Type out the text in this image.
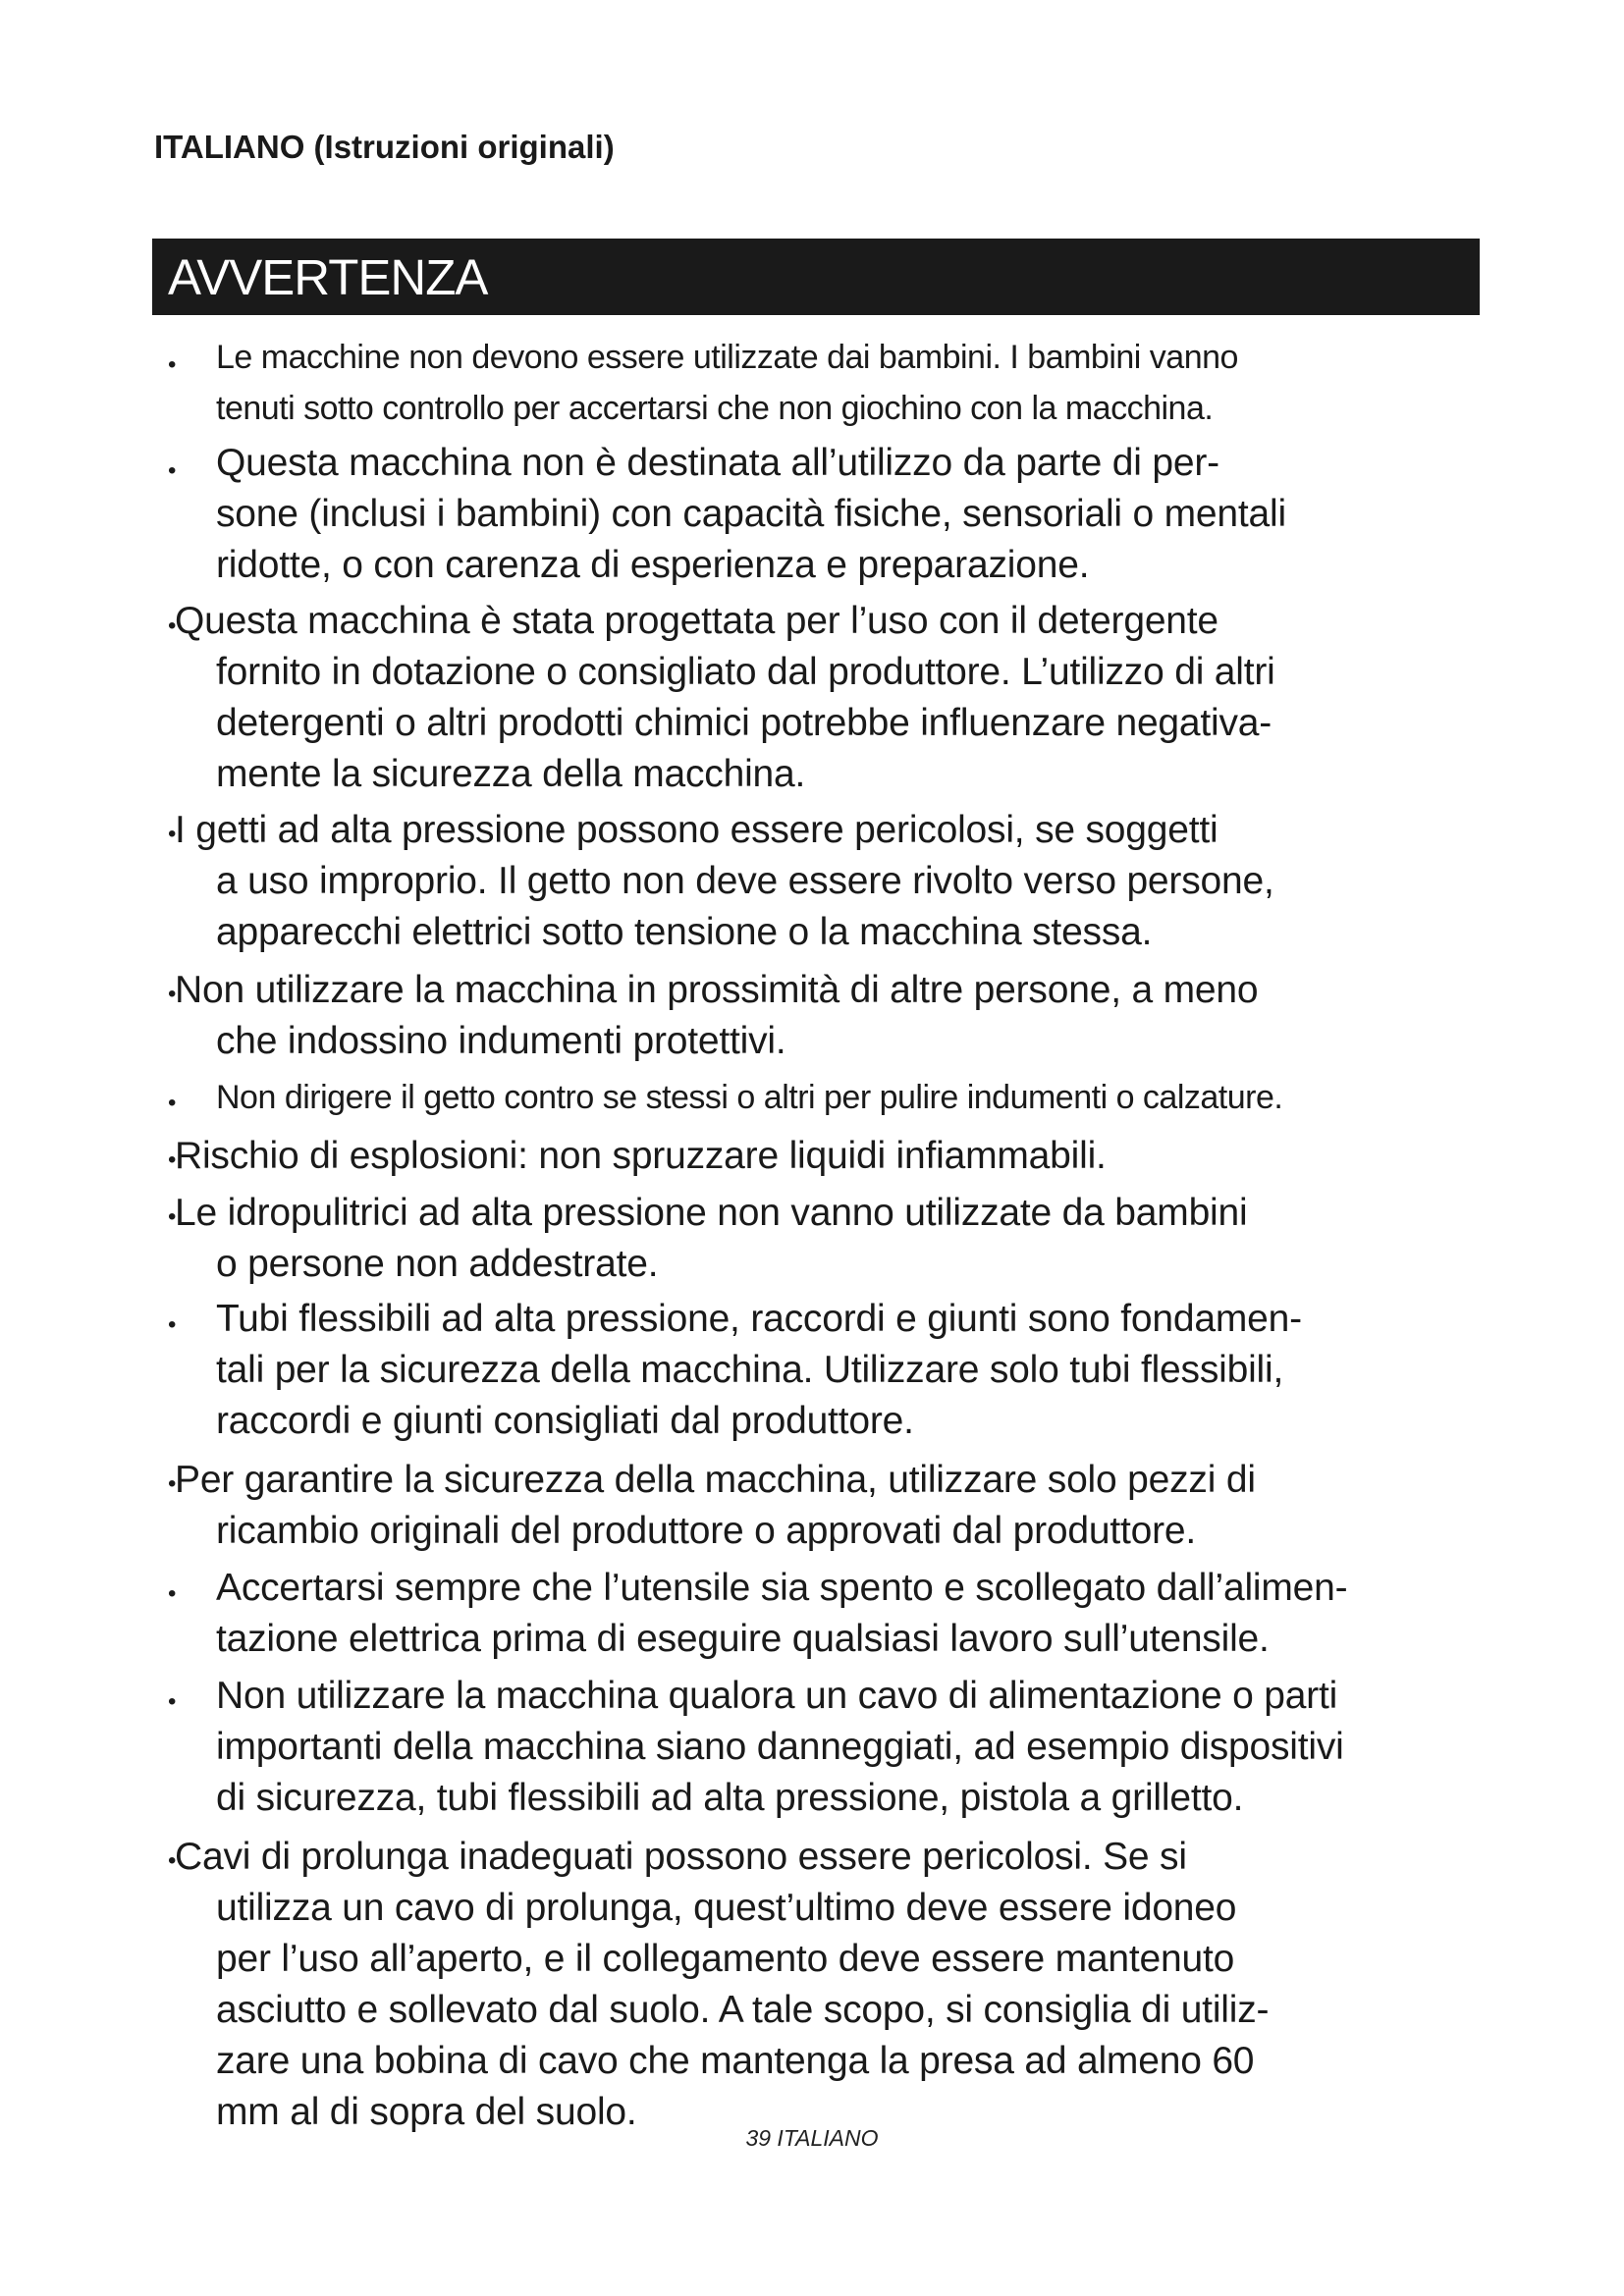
ITALIANO (Istruzioni originali)
AVVERTENZA
• Le macchine non devono essere utilizzate dai bambini. I bambini vanno
tenuti sotto controllo per accertarsi che non giochino con la macchina.

• Questa macchina non è destinata all’utilizzo da parte di per-
sone (inclusi i bambini) con capacità fisiche, sensoriali o mentali
ridotte, o con carenza di esperienza e preparazione.

•

Questa macchina è stata progettata per l’uso con il detergente

fornito in dotazione o consigliato dal produttore. L’utilizzo di altri
detergenti o altri prodotti chimici potrebbe influenzare negativa-
mente la sicurezza della macchina.

•

I getti ad alta pressione possono essere pericolosi, se soggetti

a uso improprio. Il getto non deve essere rivolto verso persone,
apparecchi elettrici sotto tensione o la macchina stessa.

•

Non utilizzare la macchina in prossimità di altre persone, a meno

che indossino indumenti protettivi.

• Non dirigere il getto contro se stessi o altri per pulire indumenti o calzature.

•

Rischio di esplosioni: non spruzzare liquidi infiammabili.

•

Le idropulitrici ad alta pressione non vanno utilizzate da bambini

o persone non addestrate.

• Tubi flessibili ad alta pressione, raccordi e giunti sono fondamen-
tali per la sicurezza della macchina. Utilizzare solo tubi flessibili,
raccordi e giunti consigliati dal produttore.

•

Per garantire la sicurezza della macchina, utilizzare solo pezzi di

ricambio originali del produttore o approvati dal produttore.

• Accertarsi sempre che l’utensile sia spento e scollegato dall’alimen-
tazione elettrica prima di eseguire qualsiasi lavoro sull’utensile.

• Non utilizzare la macchina qualora un cavo di alimentazione o parti
importanti della macchina siano danneggiati, ad esempio dispositivi
di sicurezza, tubi flessibili ad alta pressione, pistola a grilletto.

•

Cavi di prolunga inadeguati possono essere pericolosi. Se si

utilizza un cavo di prolunga, quest’ultimo deve essere idoneo
per l’uso all’aperto, e il collegamento deve essere mantenuto
asciutto e sollevato dal suolo. A tale scopo, si consiglia di utiliz-
zare una bobina di cavo che mantenga la presa ad almeno 60
mm al di sopra del suolo.

39 ITALIANO
